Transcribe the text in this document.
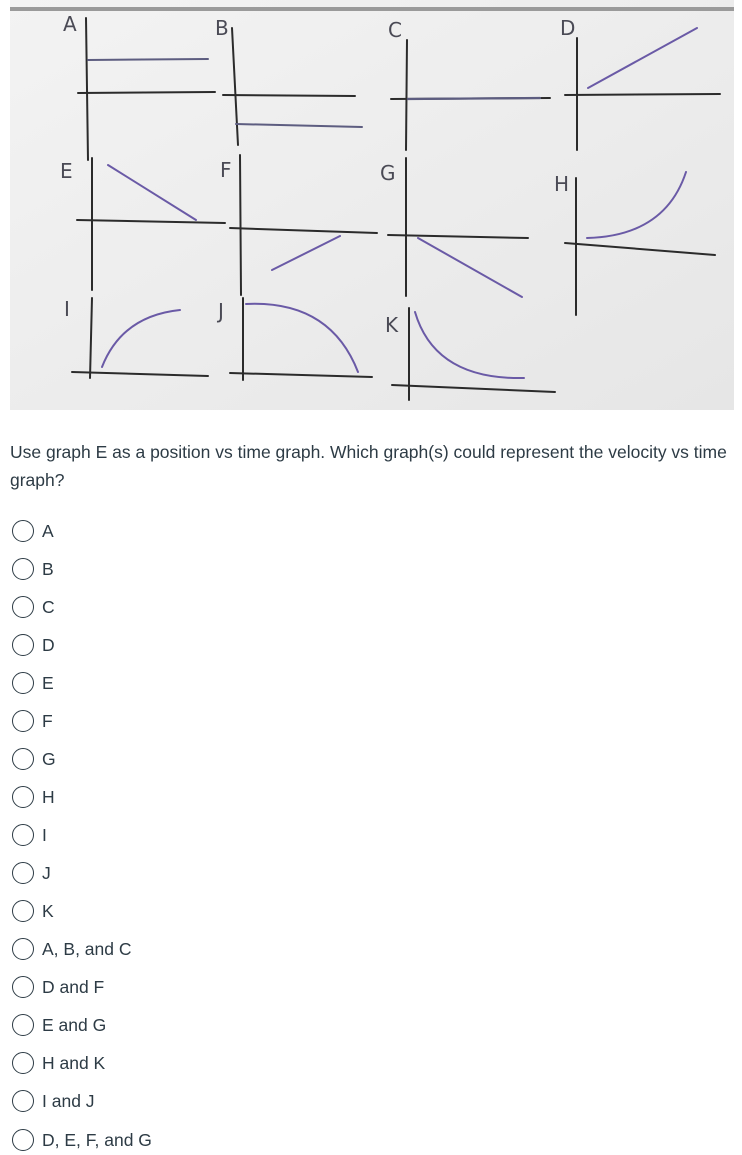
A	B	C	D
E	F	G	H
I	J
K

Use graph E as a position vs time graph. Which graph(s) could represent the velocity vs time graph?

A
B
C
D
E
F
G
H
I
J
K
A, B, and C
D and F
E and G
H and K
I and J
D, E, F, and G
